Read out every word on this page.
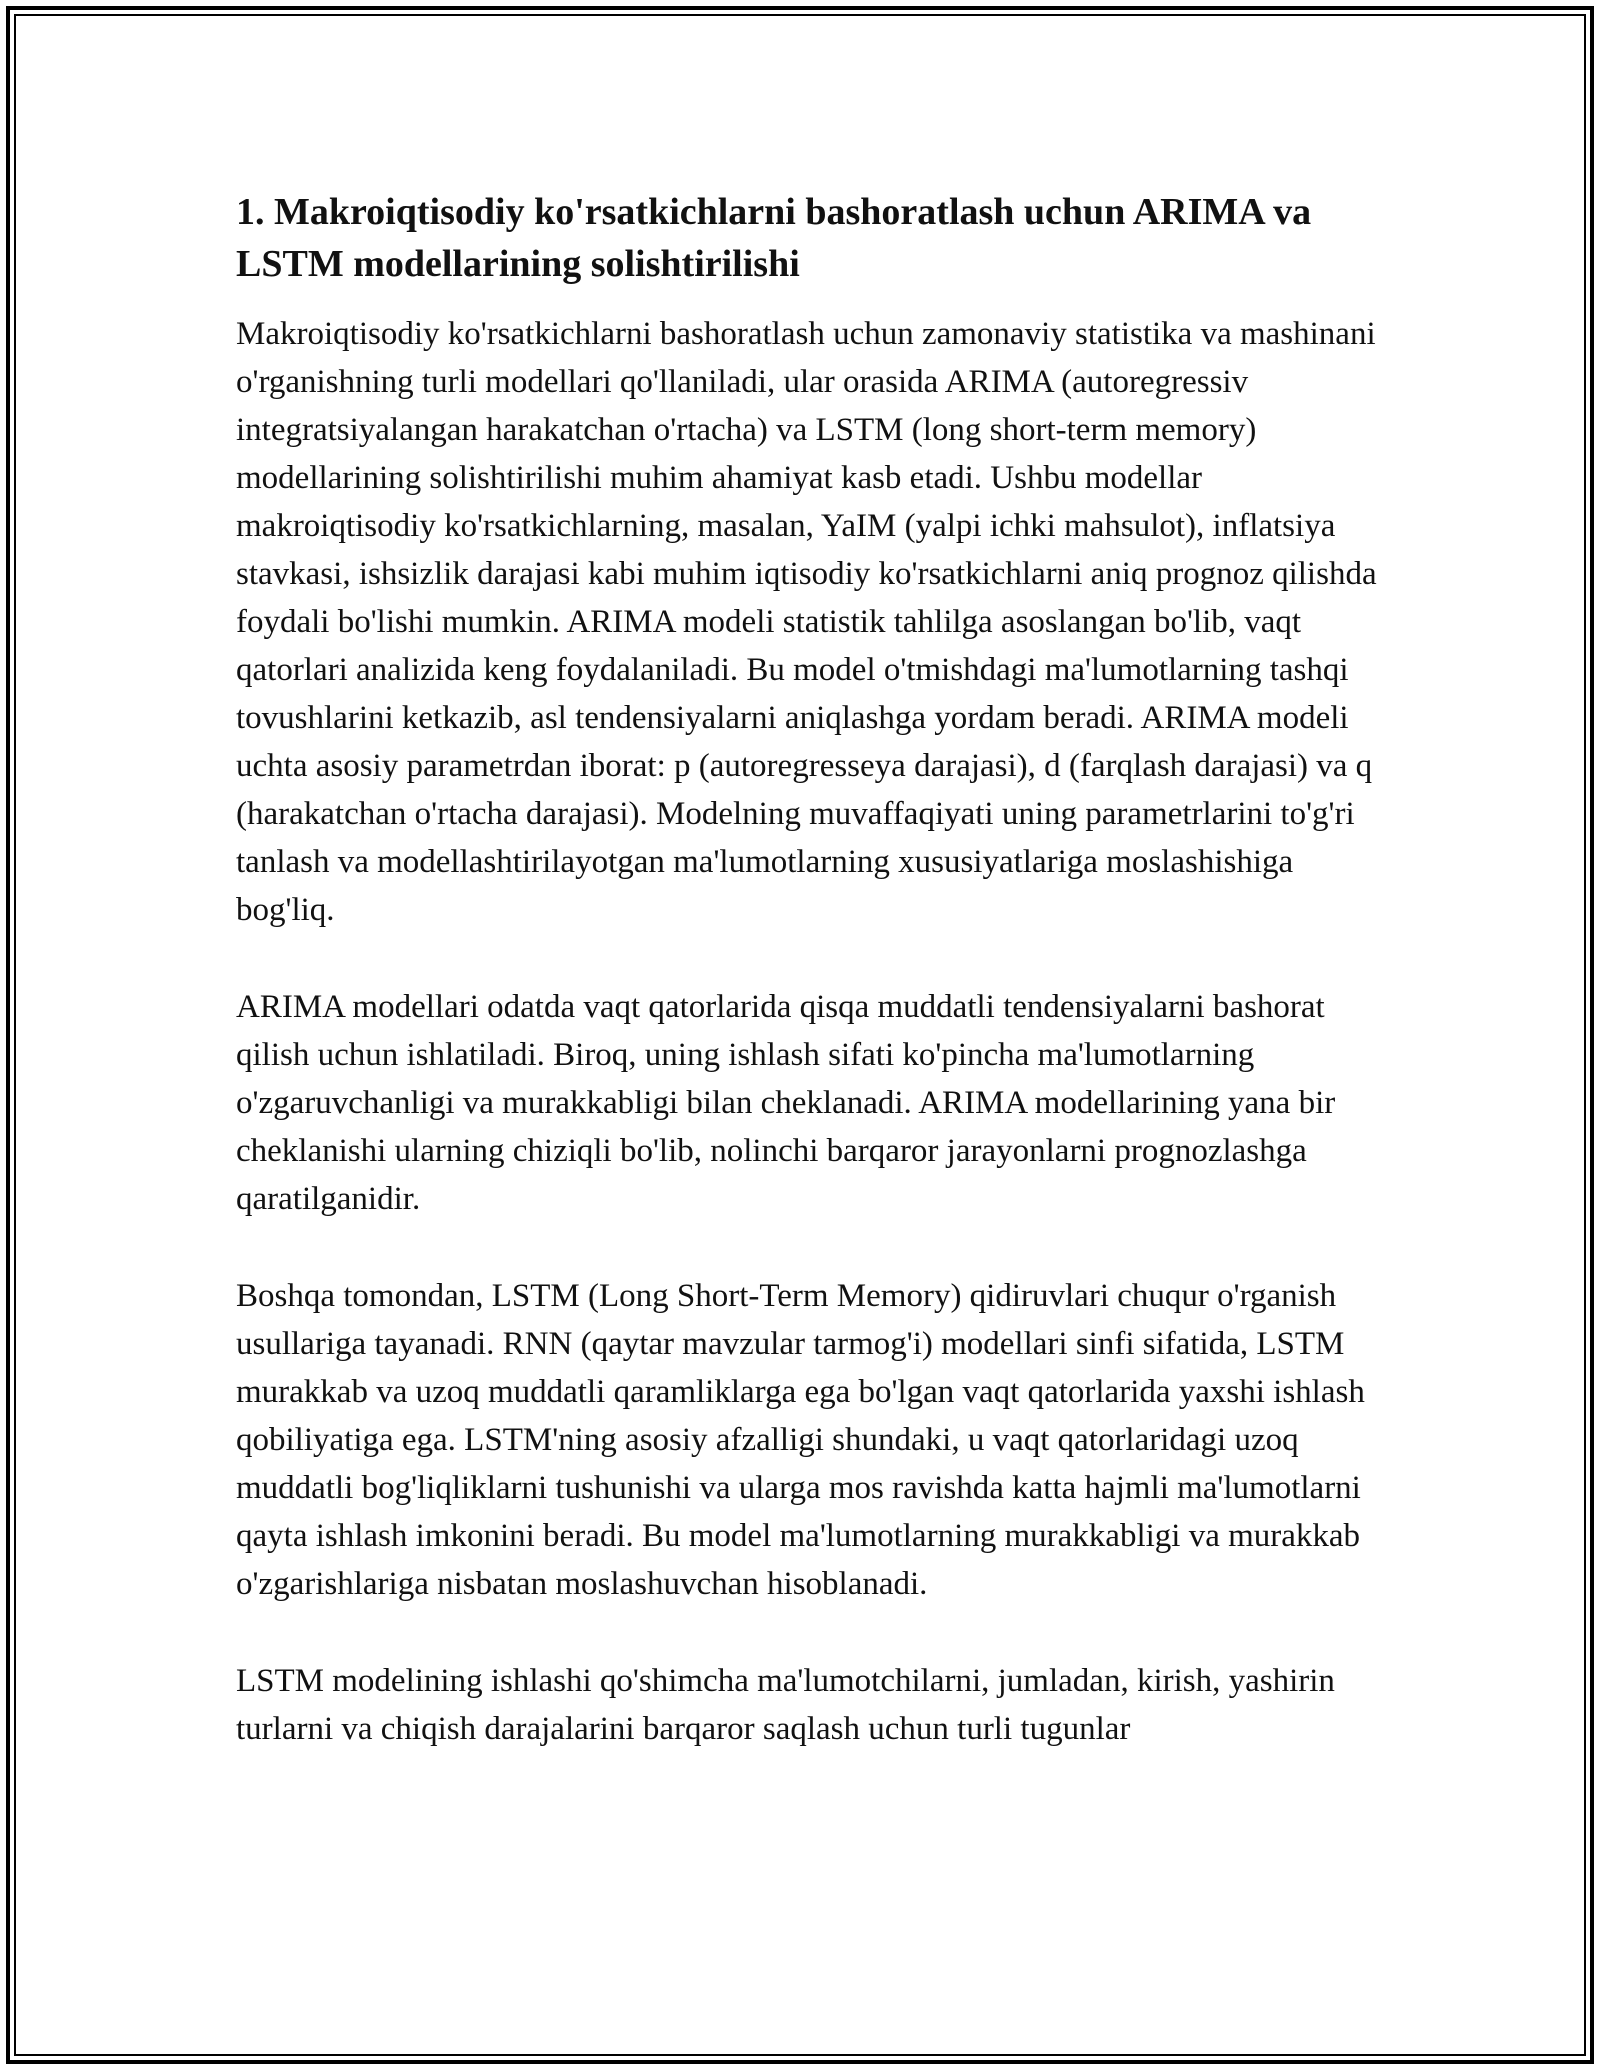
1. Makroiqtisodiy ko'rsatkichlarni bashoratlash uchun ARIMA va LSTM modellarining solishtirilishi

Makroiqtisodiy ko'rsatkichlarni bashoratlash uchun zamonaviy statistika va mashinani o'rganishning turli modellari qo'llaniladi, ular orasida ARIMA (autoregressiv integratsiyalangan harakatchan o'rtacha) va LSTM (long short-term memory) modellarining solishtirilishi muhim ahamiyat kasb etadi. Ushbu modellar makroiqtisodiy ko'rsatkichlarning, masalan, YaIM (yalpi ichki mahsulot), inflatsiya stavkasi, ishsizlik darajasi kabi muhim iqtisodiy ko'rsatkichlarni aniq prognoz qilishda foydali bo'lishi mumkin. ARIMA modeli statistik tahlilga asoslangan bo'lib, vaqt qatorlari analizida keng foydalaniladi. Bu model o'tmishdagi ma'lumotlarning tashqi tovushlarini ketkazib, asl tendensiyalarni aniqlashga yordam beradi. ARIMA modeli uchta asosiy parametrdan iborat: p (autoregresseya darajasi), d (farqlash darajasi) va q (harakatchan o'rtacha darajasi). Modelning muvaffaqiyati uning parametrlarini to'g'ri tanlash va modellashtirilayotgan ma'lumotlarning xususiyatlariga moslashishiga bog'liq.

ARIMA modellari odatda vaqt qatorlarida qisqa muddatli tendensiyalarni bashorat qilish uchun ishlatiladi. Biroq, uning ishlash sifati ko'pincha ma'lumotlarning o'zgaruvchanligi va murakkabligi bilan cheklanadi. ARIMA modellarining yana bir cheklanishi ularning chiziqli bo'lib, nolinchi barqaror jarayonlarni prognozlashga qaratilganidir.

Boshqa tomondan, LSTM (Long Short-Term Memory) qidiruvlari chuqur o'rganish usullariga tayanadi. RNN (qaytar mavzular tarmog'i) modellari sinfi sifatida, LSTM murakkab va uzoq muddatli qaramliklarga ega bo'lgan vaqt qatorlarida yaxshi ishlash qobiliyatiga ega. LSTM'ning asosiy afzalligi shundaki, u vaqt qatorlaridagi uzoq muddatli bog'liqliklarni tushunishi va ularga mos ravishda katta hajmli ma'lumotlarni qayta ishlash imkonini beradi. Bu model ma'lumotlarning murakkabligi va murakkab o'zgarishlariga nisbatan moslashuvchan hisoblanadi.

LSTM modelining ishlashi qo'shimcha ma'lumotchilarni, jumladan, kirish, yashirin turlarni va chiqish darajalarini barqaror saqlash uchun turli tugunlar
